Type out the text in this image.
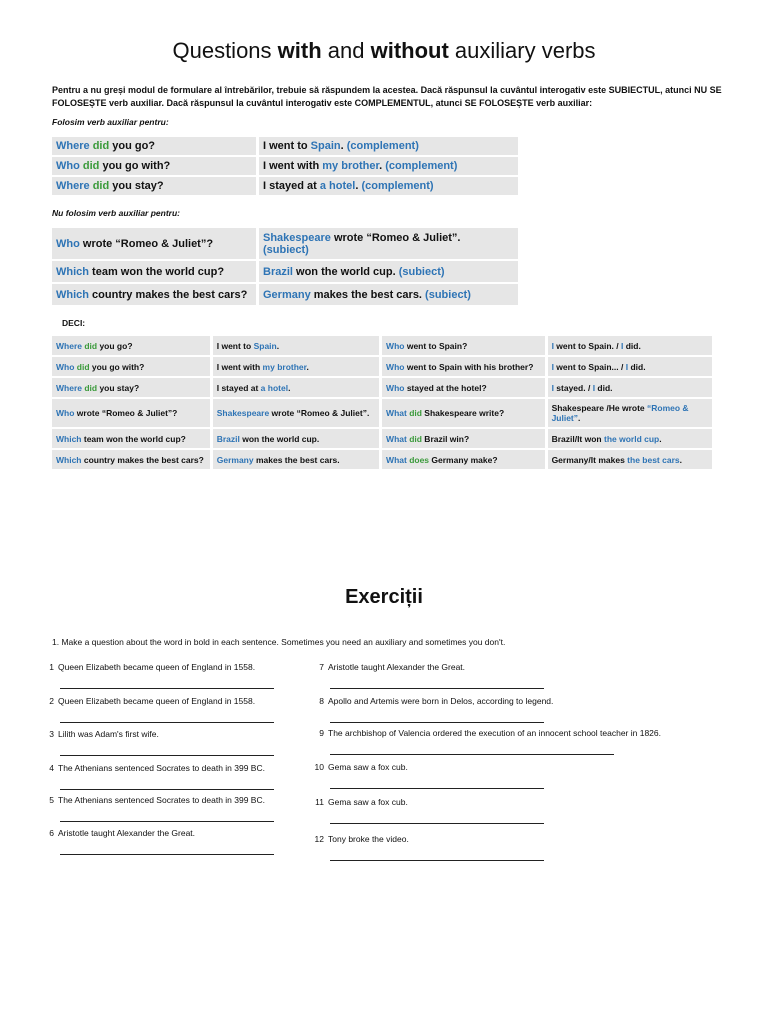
Questions with and without auxiliary verbs
Pentru a nu greși modul de formulare al întrebărilor, trebuie să răspundem la acestea. Dacă răspunsul la cuvântul interogativ este SUBIECTUL, atunci NU SE FOLOSEȘTE verb auxiliar. Dacă răspunsul la cuvântul interogativ este COMPLEMENTUL, atunci SE FOLOSEȘTE verb auxiliar:
Folosim verb auxiliar pentru:
Where did you go?	I went to Spain. (complement)
Who did you go with?	I went with my brother. (complement)
Where did you stay?	I stayed at a hotel. (complement)
Nu folosim verb auxiliar pentru:
Who wrote “Romeo & Juliet”?	Shakespeare wrote “Romeo & Juliet”.
(subiect)
Which team won the world cup?	Brazil won the world cup. (subiect)
Which country makes the best cars?	Germany makes the best cars. (subiect)
DECI:
Where did you go?	I went to Spain.	Who went to Spain?	I went to Spain. / I did.
Who did you go with?	I went with my brother.	Who went to Spain with his brother?	I went to Spain... / I did.
Where did you stay?	I stayed at a hotel.	Who stayed at the hotel?	I stayed. / I did.
Who wrote “Romeo & Juliet”?	Shakespeare wrote “Romeo & Juliet”.	What did Shakespeare write?	Shakespeare /He wrote “Romeo & Juliet”.
Which team won the world cup?	Brazil won the world cup.	What did Brazil win?	Brazil/It won the world cup.
Which country makes the best cars?	Germany makes the best cars.	What does Germany make?	Germany/It makes the best cars.
Exerciții
1. Make a question about the word in bold in each sentence. Sometimes you need an auxiliary and sometimes you don't.
1 Queen Elizabeth became queen of England in 1558.
2 Queen Elizabeth became queen of England in 1558.
3 Lilith was Adam's first wife.
4 The Athenians sentenced Socrates to death in 399 BC.
5 The Athenians sentenced Socrates to death in 399 BC.
6 Aristotle taught Alexander the Great.
7 Aristotle taught Alexander the Great.
8 Apollo and Artemis were born in Delos, according to legend.
9 The archbishop of Valencia ordered the execution of an innocent school teacher in 1826.
10 Gema saw a fox cub.
11 Gema saw a fox cub.
12 Tony broke the video.
